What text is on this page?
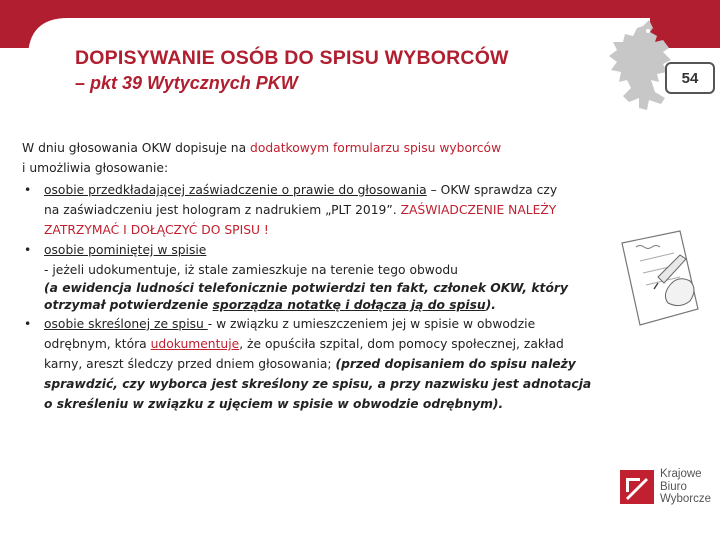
DOPISYWANIE OSÓB DO SPISU WYBORCÓW
– pkt 39 Wytycznych PKW	54
W dniu głosowania OKW dopisuje na dodatkowym formularzu spisu wyborców
i umożliwia głosowanie:
• osobie przedkładającej zaświadczenie o prawie do głosowania – OKW sprawdza czy
na zaświadczeniu jest hologram z nadrukiem „PLT 2019”. ZAŚWIADCZENIE NALEŻY
ZATRZYMAĆ I DOŁĄCZYĆ DO SPISU !
• osobie pominiętej w spisie
- jeżeli udokumentuje, iż stale zamieszkuje na terenie tego obwodu

(a ewidencja ludności telefonicznie potwierdzi ten fakt, członek OKW, który
otrzymał potwierdzenie sporządza notatkę i dołącza ją do spisu).
• osobie skreślonej ze spisu - w związku z umieszczeniem jej w spisie w obwodzie
odrębnym, która udokumentuje, że opuściła szpital, dom pomocy społecznej, zakład
karny, areszt śledczy przed dniem głosowania; (przed dopisaniem do spisu należy
sprawdzić, czy wyborca jest skreślony ze spisu, a przy nazwisku jest adnotacja
o skreśleniu w związku z ujęciem w spisie w obwodzie odrębnym).
Krajowe
Biuro
Wyborcze
